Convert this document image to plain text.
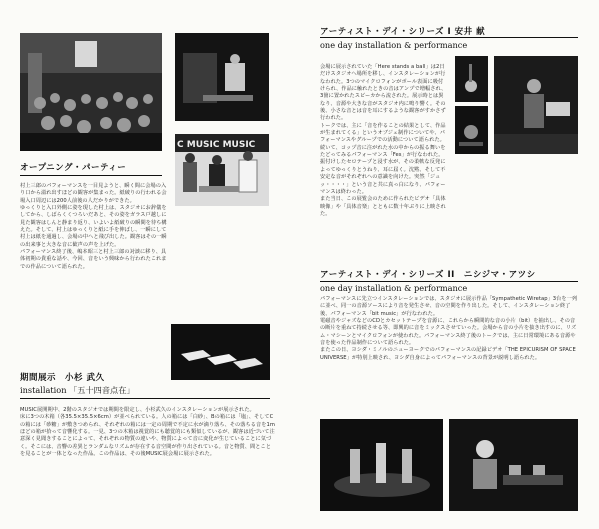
C MUSIC MUSIC
オープニング・パーティー

村上三郎のパフォーマンスを一目見ようと、瞬く間に会場の入り口から溢れ出すほどの観客が集まった。紙破りの行われる会場入口周辺には200人前後の人だかりができた。

ゆっくりと入口外側に姿を現した村上は、スタジオにお辞儀をしてから、しばらくくつろいだあと、その姿をガラス戸越しに見た観客はしんと静まり返り、いよいよ紙破りの瞬間を待ち構えた。そして、村上はゆっくりと紙に手を伸ばし、一瞬にして村上は紙を通過し、会場の中へと飛び出した。観客はその一瞬の出来事と大きな音に歓声の声を上げた。

パフォーマンス終了後、嶋本昭三と村上三郎の対談に移り、具体初期の貴重な話や、今回、音をいう興味から行われたこれまでの作品について語られた。

期間展示　小杉 武久
installation 「五十四音点在」

MUSIC展開期中、2階のスタジオでは期間を限定し、小杉武久のインスタレーションが展示された。

床に3つの木箱（各35.5×35.5×6cm）が並べられている。人の箱には「白砂」、Bの箱には「塩」、そしてCの箱には「砂糖」が敷きつめられ、それぞれの箱には一定の周期で不定に水が滴り落ち、その落ちる音を1mほどの箱が拾って音響化する。一見、3つの木箱は視覚的にも聴覚的にも類似しているが、観客は近づいて注意深く見聞きすることによって、それぞれの物質の違いや、物質によって音に変化が生じていることに気づく。そこには、音響の差異とランダムなリズムが存在する音空間が作り出されている。音と物質、間とことを見ることが一体となった作品。この作品は、その後MUSIC展会場に展示された。

アーティスト・デイ・シリーズ I 安井 献
one day installation & performance

会場に展示されていた「Here stands a ball」は2日だけスタジオへ場所を移し、インスタレーションが行なわれた。3つのマイクロフォンがボール表面に吸付けられ、作品に触れたときの音はアンプで増幅され、3箇に置かれたスピーカから流された。展示時とは異なり、音源や大きな音がスタジオ内に鳴り響く。その後、小さな音とは音を耳にするような観客がすかさず行われた。

トークでは、主に「音を作ることの結果として、作品が生まれてくる」というオブジェ制作についてや、パフォーマンスやグループでの活動について語られた。続いて、コップ音に注がれた水の中からの振る舞いをたどってみるパフォーマンス「Fes」が行なわれた。振付けしたセロテープと浸す水が、その柔軟な反発によってゆっくりとうねり、耳に届く。沈黙、そして不安定な音がそれぞれへの意識を向けた。突然「ジュッ・・・・」という音と共に真っ白になり、パフォーマンスは終わった。

また当日、この展覧会のために作られたビデオ「具体映像」や「具体音楽」とともに数十年ぶりに上映された。

アーティスト・デイ・シリーズ II　ニシジマ・アツシ
one day installation & performance

パフォーマンスに先立つインスタレーションでは、スタジオに展示作品「Sympathetic Wiretap」3台を一列に並べ、同一の音源ソースにより音を発生させ、音の空間を作り出した。そして、インスタレーション終了後、パフォーマンス「bit music」が行なわれた。

電磁音やジャズなどのCDとカセットテープを音源に、これらから瞬間的な音の小片（bit）を抽出し、その音の断片を重ねて持続させる等、即興的に音をミックスさせていった。会場から音の小片を抜き出すのに、リズム・マシーンとマイクロフォンが使われた。パフォーマンス終了後のトークでは、主に日常環境にある音源や音を使った作品制作について語られた。

またこの日、ヨシダ・ミノルのニューヨークでのパフォーマンスの記録ビデオ「THE EPICURISM OF SPACE UNIVERSE」が特別上映され、ヨシダ自身によってパフォーマンスの背景が説明し語られた。
